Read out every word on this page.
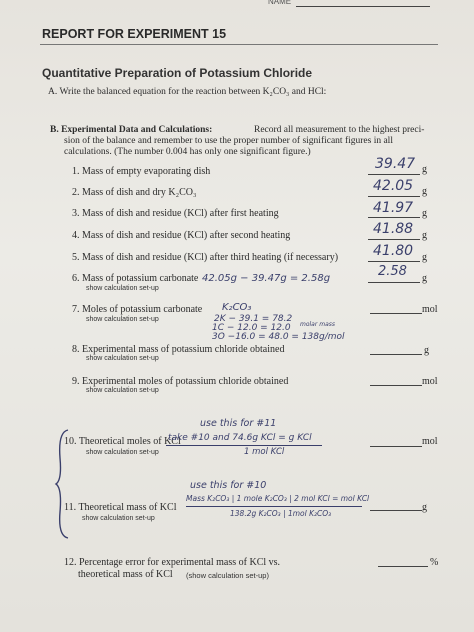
NAME
REPORT FOR EXPERIMENT 15
Quantitative Preparation of Potassium Chloride
A. Write the balanced equation for the reaction between K₂CO₃ and HCl:
B. Experimental Data and Calculations:	Record all measurement to the highest preci-
sion of the balance and remember to use the proper number of significant figures in all
calculations. (The number 0.004 has only one significant figure.)
1. Mass of empty evaporating dish	39.47 g
2. Mass of dish and dry K₂CO₃	42.05 g
3. Mass of dish and residue (KCl) after first heating	41.97 g
4. Mass of dish and residue (KCl) after second heating	41.88 g
5. Mass of dish and residue (KCl) after third heating (if necessary) 41.80 g
6. Mass of potassium carbonate
show calculation set-up
42.05g − 39.47g = 2.58g	2.58 g
7. Moles of potassium carbonate
show calculation set-up
K₂CO₃
2K − 39.1 = 78.2
1C − 12.0 = 12.0
3O −16.0 = 48.0 = 138g/mol
molar mass
mol
8. Experimental mass of potassium chloride obtained
show calculation set-up
g
9. Experimental moles of potassium chloride obtained
show calculation set-up
mol
use this for #11
10. Theoretical moles of KCl
show calculation set-up
take #10 and 74.6g KCl = g KCl
1 mol KCl
mol
use this for #10
11. Theoretical mass of KCl
show calculation set-up
Mass K₂CO₃ | 1 mole K₂CO₃ | 2 mol KCl = mol KCl
138.2g K₂CO₃ | 1mol K₂CO₃
g
12. Percentage error for experimental mass of KCl vs.
theoretical mass of KCl (show calculation set-up)
%
